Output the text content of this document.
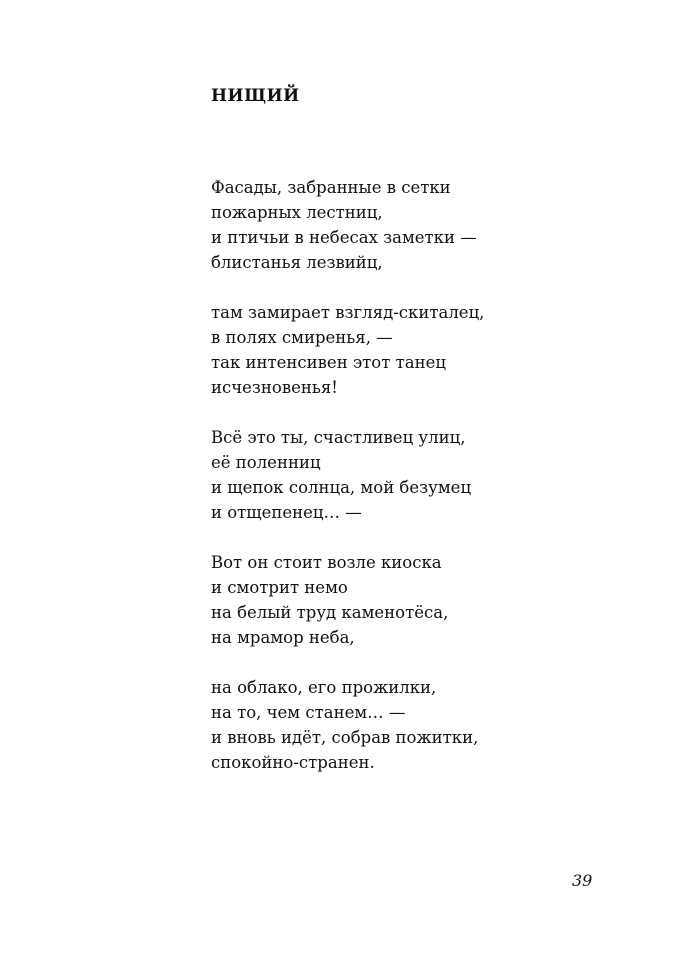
НИЩИЙ
Фасады, забранные в сетки
пожарных лестниц,
и птичьи в небесах заметки —
блистанья лезвийц,
там замирает взгляд-скиталец,
в полях смиренья, —
так интенсивен этот танец
исчезновенья!
Всё это ты, счастливец улиц,
её поленниц
и щепок солнца, мой безумец
и отщепенец… —
Вот он стоит возле киоска
и смотрит немо
на белый труд каменотёса,
на мрамор неба,
на облако, его прожилки,
на то, чем станем… —
и вновь идёт, собрав пожитки,
спокойно-странен.
39
